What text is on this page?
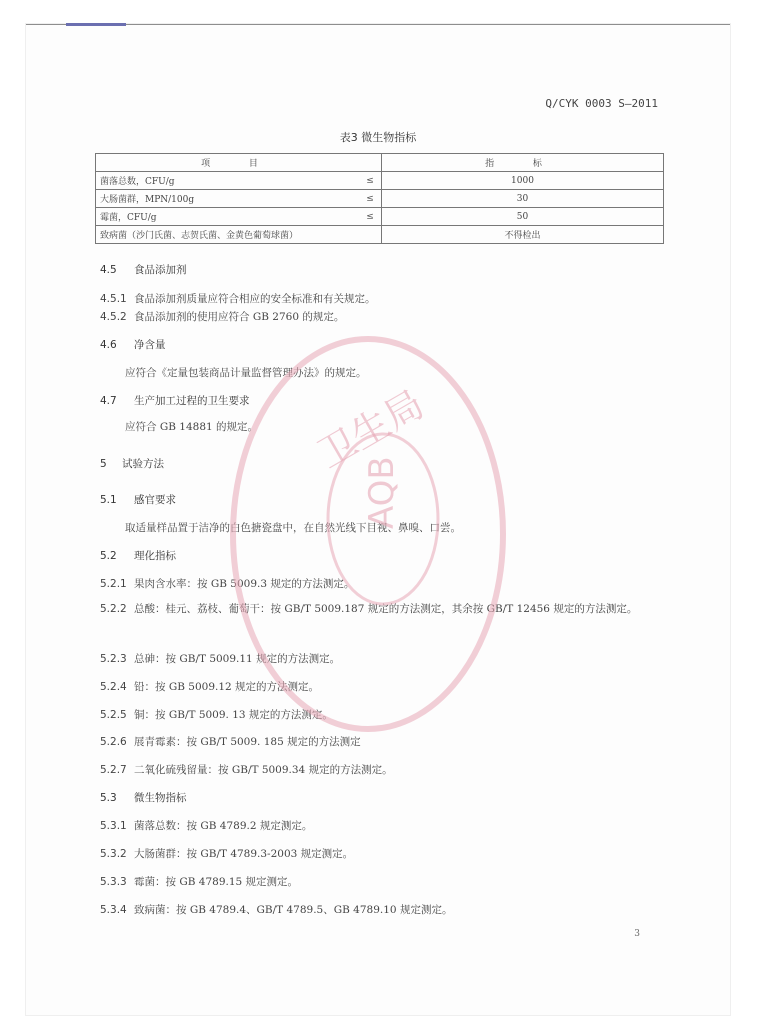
Q/CYK 0003 S—2011
表3 微生物指标
项 目		指 标
菌落总数，CFU/g	≤	1000
大肠菌群，MPN/100g	≤	30
霉菌，CFU/g	≤	50
致病菌（沙门氏菌、志贺氏菌、金黄色葡萄球菌）		不得检出
4.5 食品添加剂
4.5.1 食品添加剂质量应符合相应的安全标准和有关规定。
4.5.2 食品添加剂的使用应符合 GB 2760 的规定。
4.6 净含量
应符合《定量包装商品计量监督管理办法》的规定。
4.7 生产加工过程的卫生要求
应符合 GB 14881 的规定。
5 试验方法
5.1 感官要求
取适量样品置于洁净的白色搪瓷盘中，在自然光线下目视、鼻嗅、口尝。
5.2 理化指标
5.2.1 果肉含水率：按 GB 5009.3 规定的方法测定。
5.2.2 总酸：桂元、荔枝、葡萄干：按 GB/T 5009.187 规定的方法测定，其余按 GB/T 12456 规定的方法测定。
5.2.3 总砷：按 GB/T 5009.11 规定的方法测定。
5.2.4 铅：按 GB 5009.12 规定的方法测定。
5.2.5 铜：按 GB/T 5009. 13 规定的方法测定。
5.2.6 展青霉素：按 GB/T 5009. 185 规定的方法测定
5.2.7 二氧化硫残留量：按 GB/T 5009.34 规定的方法测定。
5.3 微生物指标
5.3.1 菌落总数：按 GB 4789.2 规定测定。
5.3.2 大肠菌群：按 GB/T 4789.3-2003 规定测定。
5.3.3 霉菌：按 GB 4789.15 规定测定。
5.3.4 致病菌：按 GB 4789.4、GB/T 4789.5、GB 4789.10 规定测定。
3
卫生局
AQB
